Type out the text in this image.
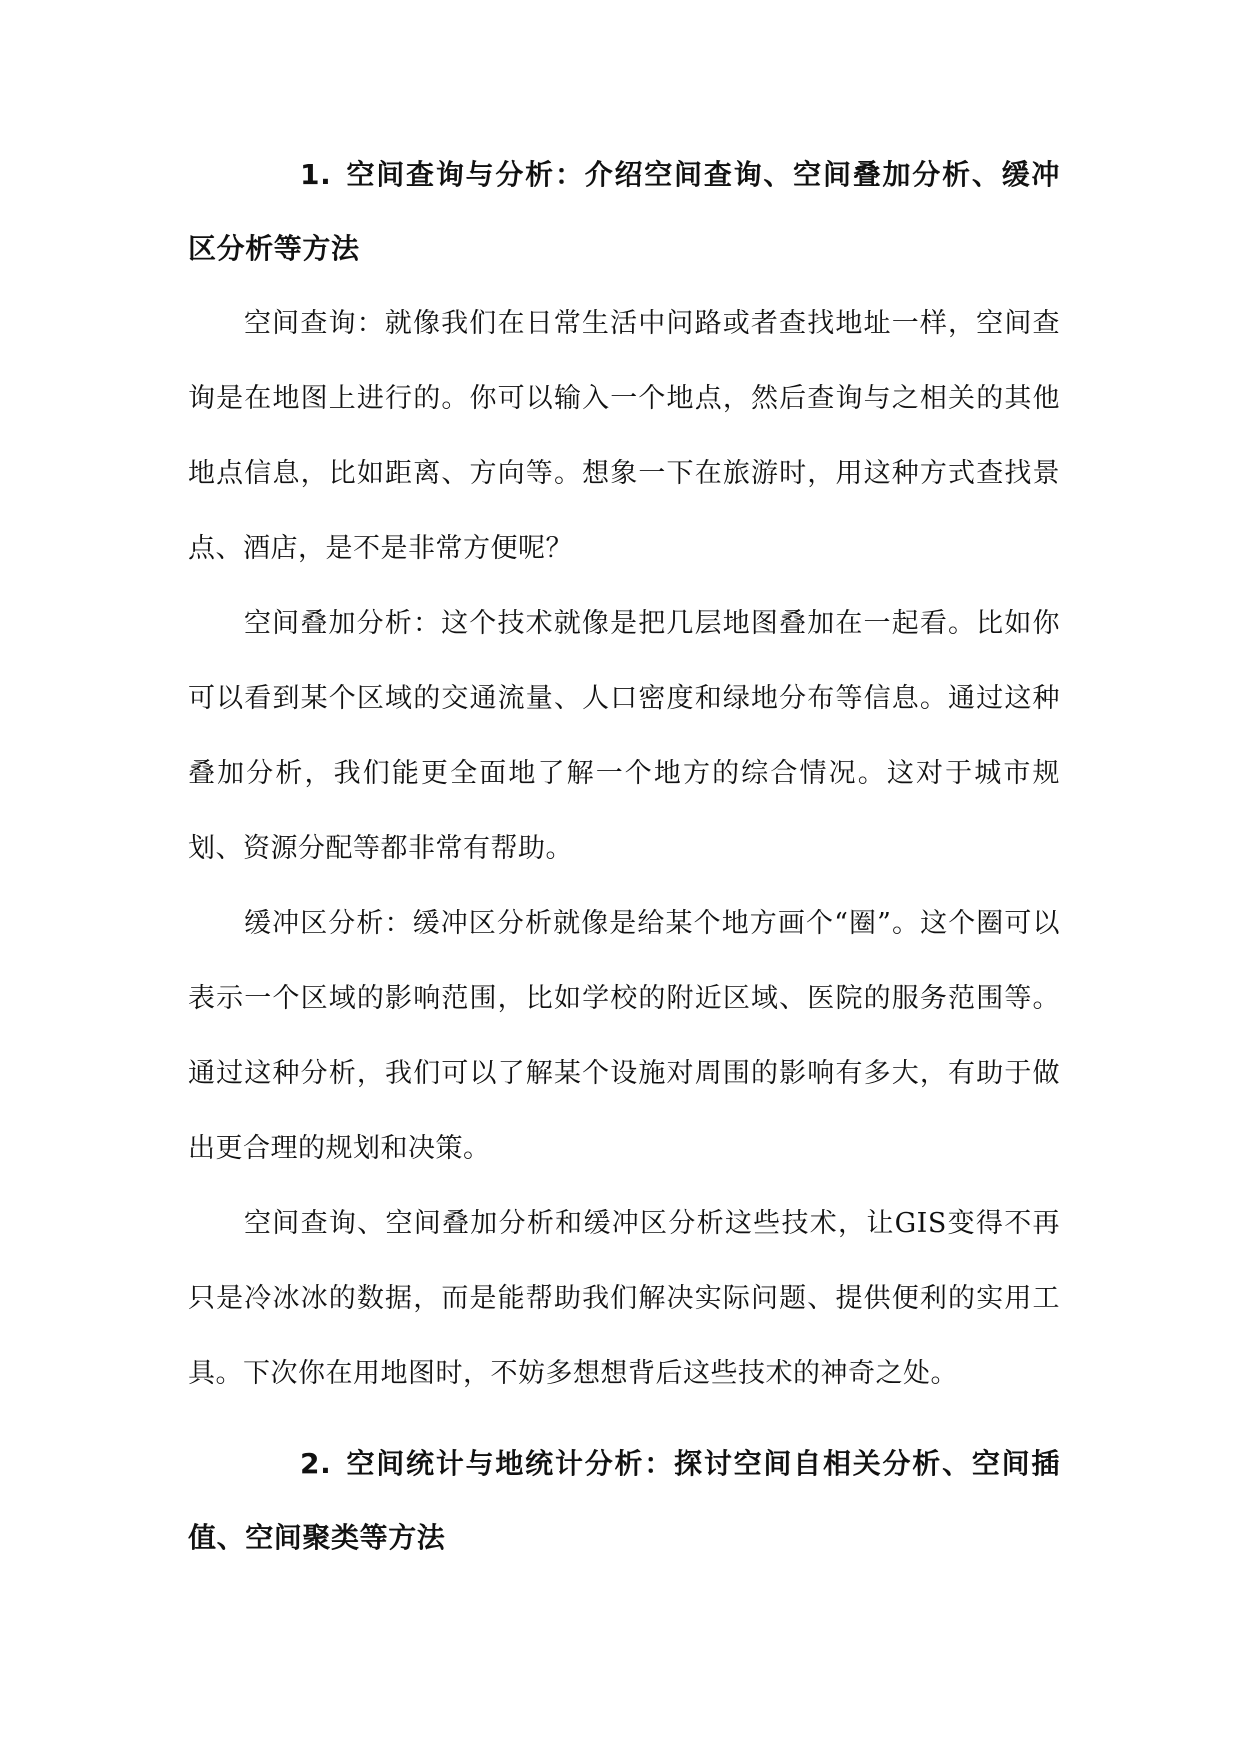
1. 空间查询与分析：介绍空间查询、空间叠加分析、缓冲区分析等方法

空间查询：就像我们在日常生活中问路或者查找地址一样，空间查询是在地图上进行的。你可以输入一个地点，然后查询与之相关的其他地点信息，比如距离、方向等。想象一下在旅游时，用这种方式查找景点、酒店，是不是非常方便呢？

空间叠加分析：这个技术就像是把几层地图叠加在一起看。比如你可以看到某个区域的交通流量、人口密度和绿地分布等信息。通过这种叠加分析，我们能更全面地了解一个地方的综合情况。这对于城市规划、资源分配等都非常有帮助。

缓冲区分析：缓冲区分析就像是给某个地方画个“圈”。这个圈可以表示一个区域的影响范围，比如学校的附近区域、医院的服务范围等。通过这种分析，我们可以了解某个设施对周围的影响有多大，有助于做出更合理的规划和决策。

空间查询、空间叠加分析和缓冲区分析这些技术，让GIS变得不再只是冷冰冰的数据，而是能帮助我们解决实际问题、提供便利的实用工具。下次你在用地图时，不妨多想想背后这些技术的神奇之处。

2. 空间统计与地统计分析：探讨空间自相关分析、空间插值、空间聚类等方法
